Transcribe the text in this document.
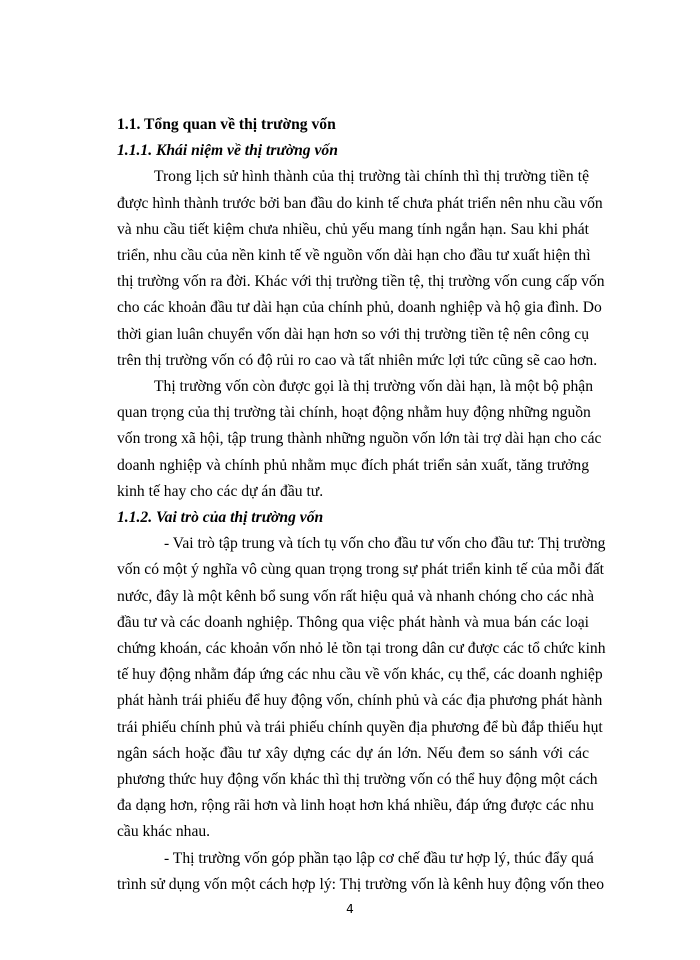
1.1. Tổng quan về thị trường vốn

1.1.1. Khái niệm về thị trường vốn

Trong lịch sử hình thành của thị trường tài chính thì thị trường tiền tệ
được hình thành trước bởi ban đầu do kinh tế chưa phát triển nên nhu cầu vốn
và nhu cầu tiết kiệm chưa nhiều, chủ yếu mang tính ngắn hạn. Sau khi phát
triển, nhu cầu của nền kinh tế về nguồn vốn dài hạn cho đầu tư xuất hiện thì
thị trường vốn ra đời. Khác với thị trường tiền tệ, thị trường vốn cung cấp vốn
cho các khoản đầu tư dài hạn của chính phủ, doanh nghiệp và hộ gia đình. Do
thời gian luân chuyển vốn dài hạn hơn so với thị trường tiền tệ nên công cụ
trên thị trường vốn có độ rủi ro cao và tất nhiên mức lợi tức cũng sẽ cao hơn.
Thị trường vốn còn được gọi là thị trường vốn dài hạn, là một bộ phận
quan trọng của thị trường tài chính, hoạt động nhằm huy động những nguồn
vốn trong xã hội, tập trung thành những nguồn vốn lớn tài trợ dài hạn cho các
doanh nghiệp và chính phủ nhằm mục đích phát triển sản xuất, tăng trưởng
kinh tế hay cho các dự án đầu tư.

1.1.2. Vai trò của thị trường vốn

- Vai trò tập trung và tích tụ vốn cho đầu tư vốn cho đầu tư: Thị trường
vốn có một ý nghĩa vô cùng quan trọng trong sự phát triển kinh tế của mỗi đất
nước, đây là một kênh bổ sung vốn rất hiệu quả và nhanh chóng cho các nhà
đầu tư và các doanh nghiệp. Thông qua việc phát hành và mua bán các loại
chứng khoán, các khoản vốn nhỏ lẻ tồn tại trong dân cư được các tổ chức kinh
tế huy động nhằm đáp ứng các nhu cầu về vốn khác, cụ thể, các doanh nghiệp
phát hành trái phiếu để huy động vốn, chính phủ và các địa phương phát hành
trái phiếu chính phủ và trái phiếu chính quyền địa phương để bù đắp thiếu hụt
ngân sách hoặc đầu tư xây dựng các dự án lớn. Nếu đem so sánh với các
phương thức huy động vốn khác thì thị trường vốn có thể huy động một cách
đa dạng hơn, rộng rãi hơn và linh hoạt hơn khá nhiều, đáp ứng được các nhu
cầu khác nhau.
- Thị trường vốn góp phần tạo lập cơ chế đầu tư hợp lý, thúc đẩy quá
trình sử dụng vốn một cách hợp lý: Thị trường vốn là kênh huy động vốn theo
4
